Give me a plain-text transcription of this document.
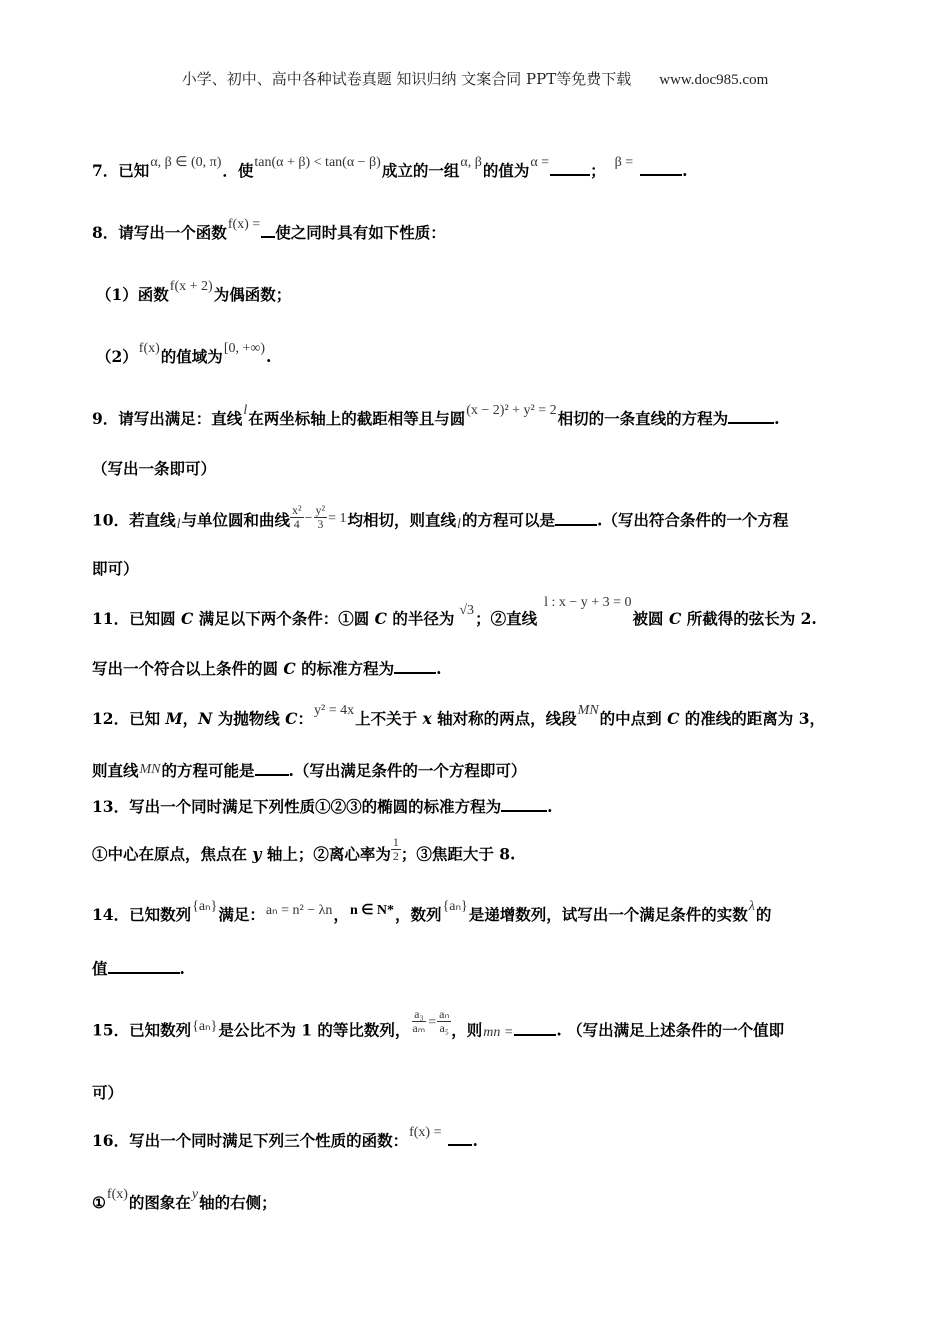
小学、初中、高中各种试卷真题 知识归纳 文案合同 PPT等免费下载 www.doc985.com
7．已知α, β ∈ (0, π)．使tan(α + β) < tan(α − β)成立的一组α, β的值为α =	； β =	.
8．请写出一个函数f(x) = 使之同时具有如下性质：
（1）函数f(x + 2)为偶函数；
（2）f(x)的值域为[0, +∞).
9．请写出满足：直线l在两坐标轴上的截距相等且与圆(x − 2)² + y² = 2相切的一条直线的方程为	.
（写出一条即可）
10．若直线l与单位圆和曲线 $\frac{\text{x²}}{4} - \frac{\text{y²}}{3} = 1$均相切，则直线l的方程可以是	.（写出符合条件的一个方程
即可）
11．已知圆 C 满足以下两个条件：①圆 C 的半径为 √3；②直线l : x − y + 3 = 0被圆 C 所截得的弦长为 2.
写出一个符合以上条件的圆 C 的标准方程为	.
12．已知 M，N 为抛物线 C：y² = 4x上不关于 x 轴对称的两点，线段MN的中点到 C 的准线的距离为 3，
则直线MN的方程可能是 .（写出满足条件的一个方程即可）
13．写出一个同时满足下列性质①②③的椭圆的标准方程为	.
①中心在原点，焦点在 y 轴上；②离心率为 $\frac{1}{2}$ ；③焦距大于 8.
14．已知数列{aₙ}满足：aₙ = n² − λn，n ∈ N*，数列{aₙ}是递增数列，试写出一个满足条件的实数λ的
值	.
15．已知数列{aₙ}是公比不为 1 的等比数列， $\frac{\text{a₃}}{\text{aₘ}} = \frac{\text{aₙ}}{\text{a₅}}$ ，则mn =	. （写出满足上述条件的一个值即
可）
16．写出一个同时满足下列三个性质的函数：f(x) = .
①f(x)的图象在y轴的右侧；
